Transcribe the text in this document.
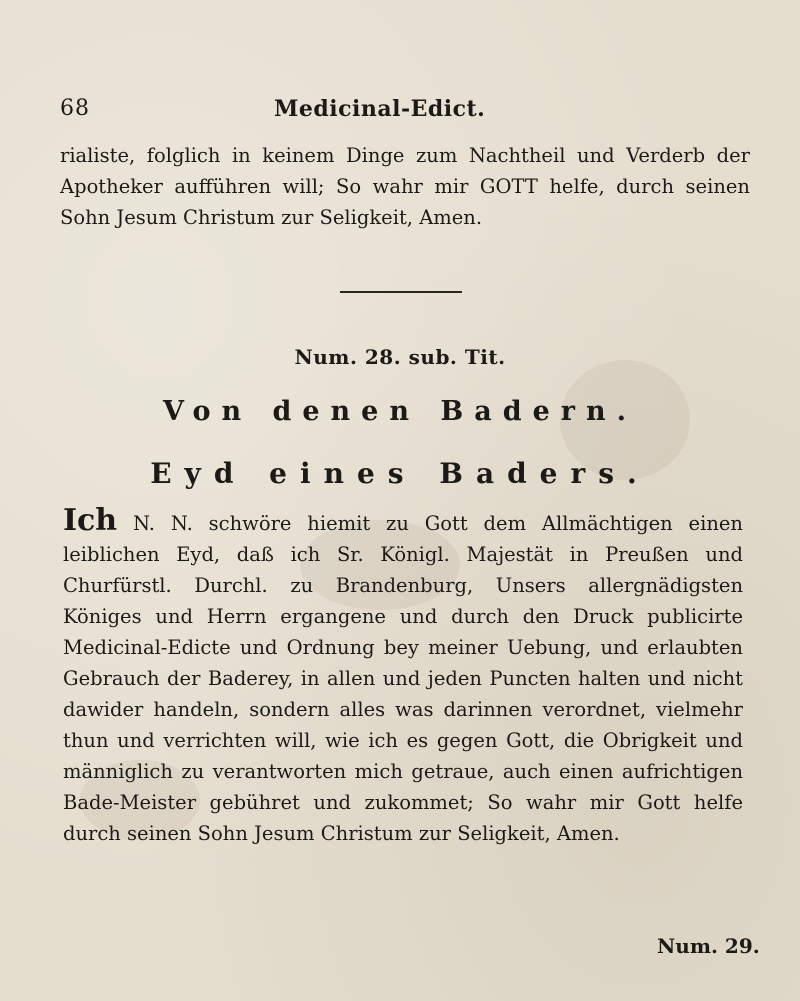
68	Medicinal-Edict.
rialiste, folglich in keinem Dinge zum Nachtheil und Verderb der Apotheker aufführen will; So wahr mir GOTT helfe, durch seinen Sohn Jesum Christum zur Seligkeit, Amen.
Num. 28. sub. Tit.
Von denen Badern.
Eyd eines Baders.
Ich N. N. schwöre hiemit zu Gott dem Allmächtigen einen leiblichen Eyd, daß ich Sr. Königl. Majestät in Preußen und Churfürstl. Durchl. zu Brandenburg, Unsers allergnädigsten Königes und Herrn ergangene und durch den Druck publicirte Medicinal-Edicte und Ordnung bey meiner Uebung, und erlaubten Gebrauch der Baderey, in allen und jeden Puncten halten und nicht dawider handeln, sondern alles was darinnen verordnet, vielmehr thun und verrichten will, wie ich es gegen Gott, die Obrigkeit und männiglich zu verantworten mich getraue, auch einen aufrichtigen Bade-Meister gebühret und zukommet; So wahr mir Gott helfe durch seinen Sohn Jesum Christum zur Seligkeit, Amen.
Num. 29.
